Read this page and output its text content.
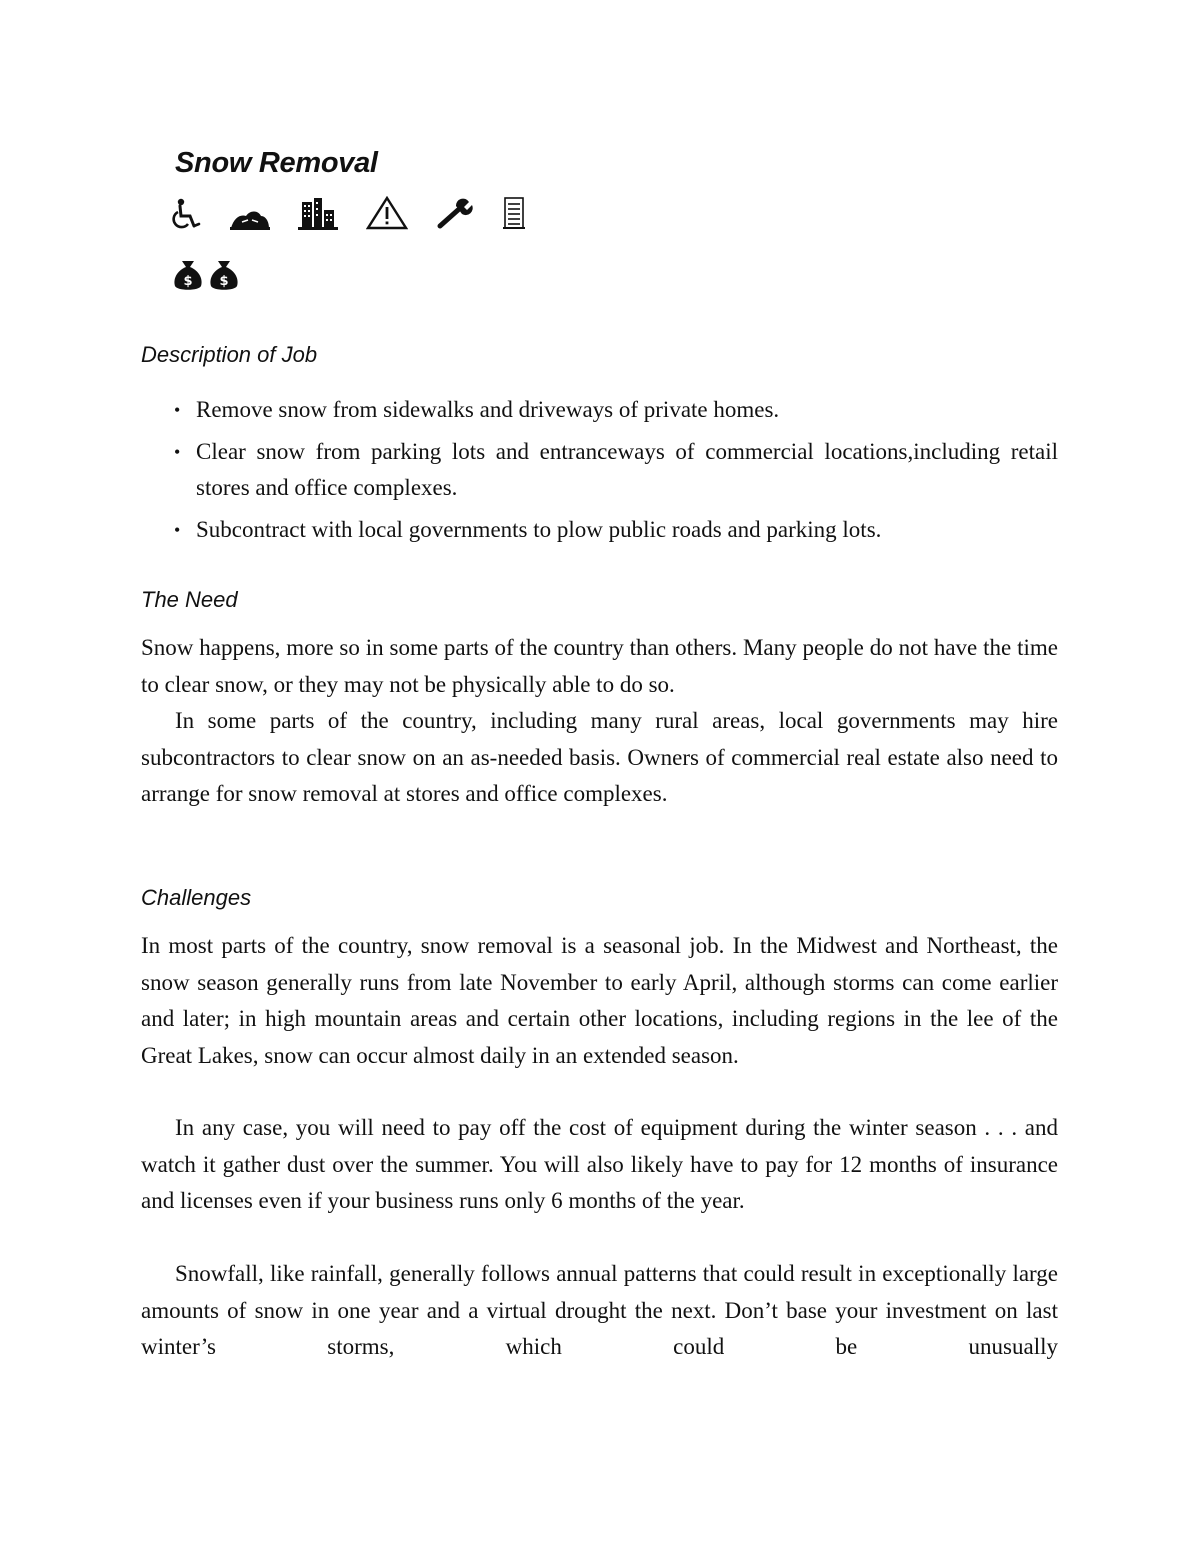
Snow Removal
$ $
Description of Job
• Remove snow from sidewalks and driveways of private homes.
• Clear snow from parking lots and entranceways of commercial locations,including retail stores and office complexes.
• Subcontract with local governments to plow public roads and parking lots.
The Need

Snow happens, more so in some parts of the country than others. Many people do not have the time to clear snow, or they may not be physically able to do so.

In some parts of the country, including many rural areas, local governments may hire subcontractors to clear snow on an as-needed basis. Owners of commercial real estate also need to arrange for snow removal at stores and office complexes.

Challenges

In most parts of the country, snow removal is a seasonal job. In the Midwest and Northeast, the snow season generally runs from late November to early April, although storms can come earlier and later; in high mountain areas and certain other locations, including regions in the lee of the Great Lakes, snow can occur almost daily in an extended season.

In any case, you will need to pay off the cost of equipment during the winter season . . . and watch it gather dust over the summer. You will also likely have to pay for 12 months of insurance and licenses even if your business runs only 6 months of the year.

Snowfall, like rainfall, generally follows annual patterns that could result in exceptionally large amounts of snow in one year and a virtual drought the next. Don’t base your investment on last winter’s storms, which could be unusually
